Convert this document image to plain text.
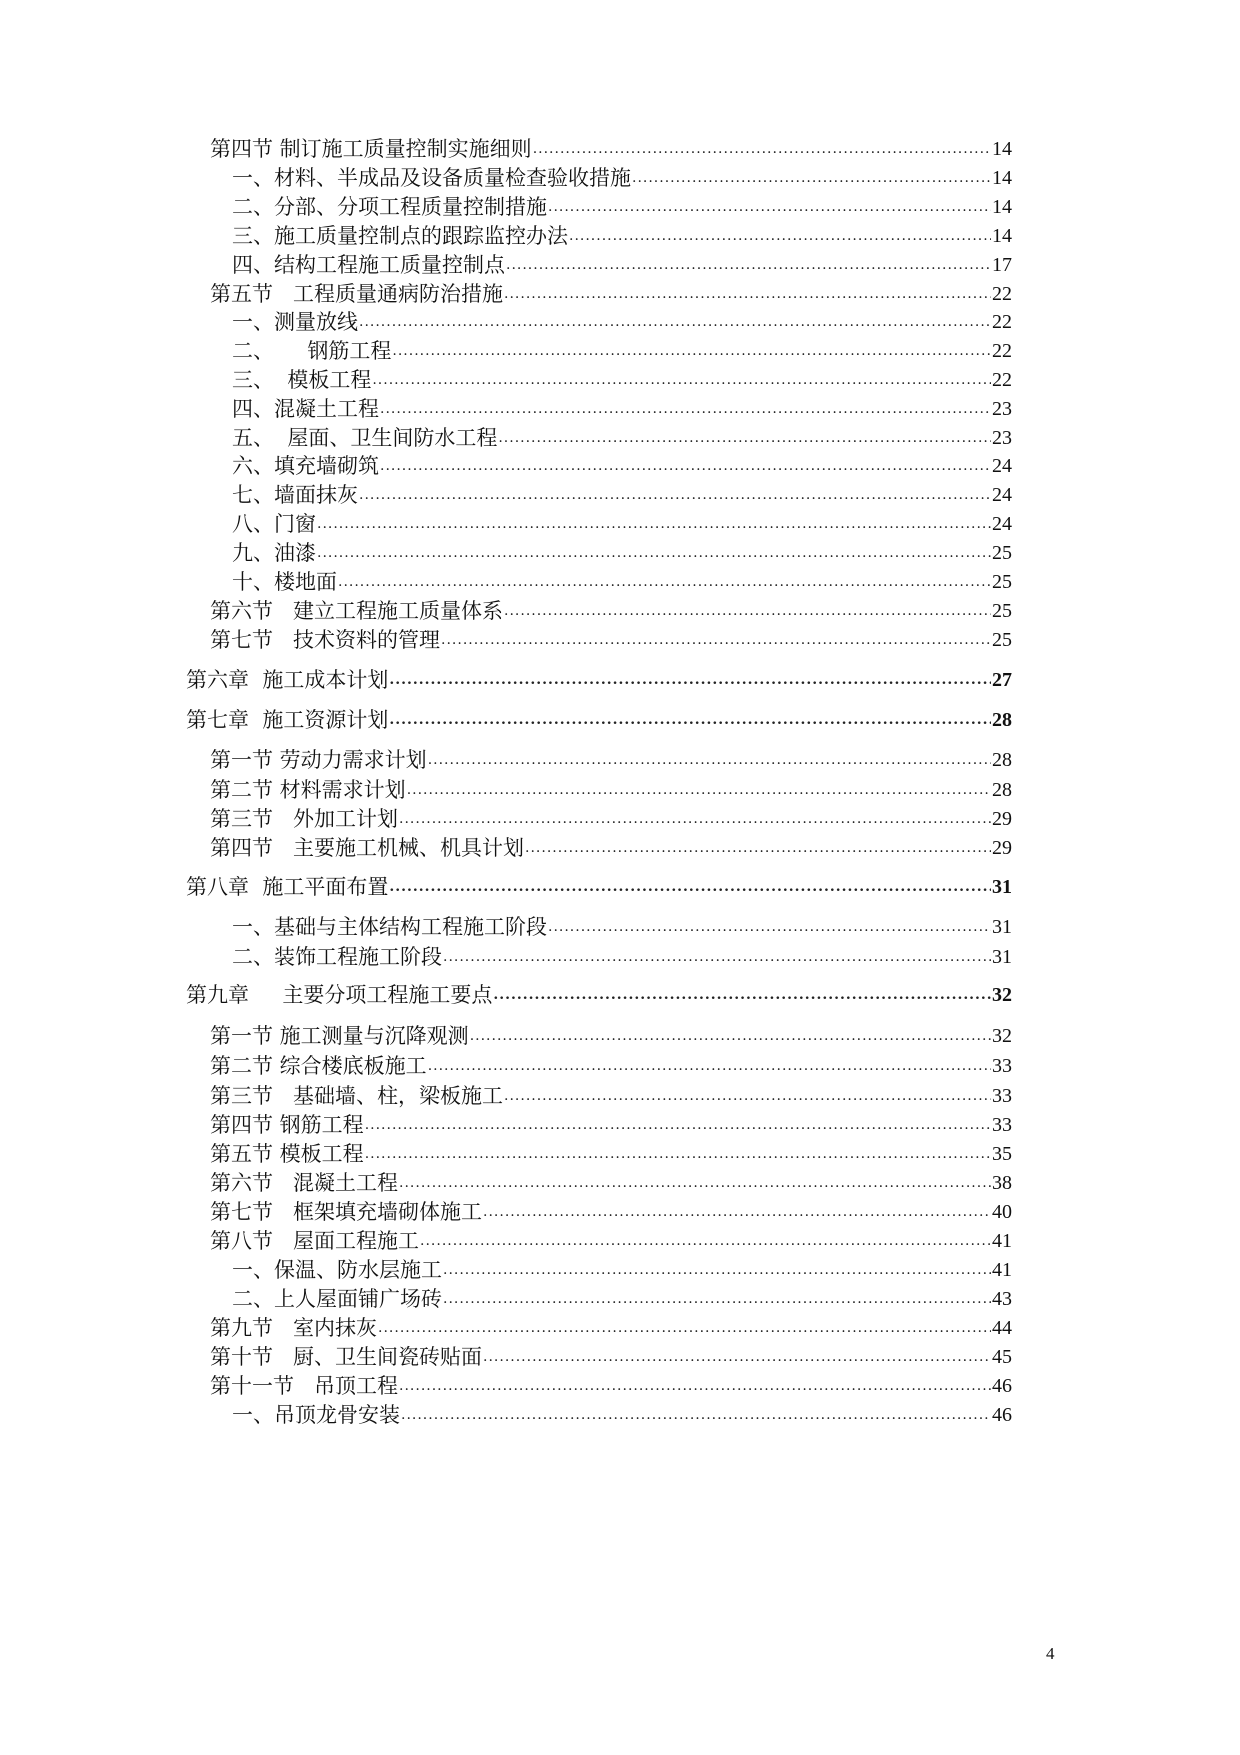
第四节 制订施工质量控制实施细则 .....	14
一、材料、半成品及设备质量检查验收措施 .....	14
二、分部、分项工程质量控制措施 .....	14
三、施工质量控制点的跟踪监控办法 .....	14
四、结构工程施工质量控制点 .....	17
第五节   工程质量通病防治措施 .....	22
一、测量放线 .....	22
二、     钢筋工程 .....	22
三、  模板工程 .....	22
四、混凝土工程 .....	23
五、  屋面、卫生间防水工程 .....	23
六、填充墙砌筑 .....	24
七、墙面抹灰 .....	24
八、门窗 .....	24
九、油漆 .....	25
十、楼地面 .....	25
第六节   建立工程施工质量体系 .....	25
第七节   技术资料的管理 .....	25
第六章  施工成本计划 .....	27
第七章  施工资源计划 .....	28
第一节 劳动力需求计划 .....	28
第二节 材料需求计划 .....	28
第三节   外加工计划 .....	29
第四节   主要施工机械、机具计划 .....	29
第八章  施工平面布置 .....	31
一、基础与主体结构工程施工阶段 .....	31
二、装饰工程施工阶段 .....	31
第九章     主要分项工程施工要点 .....	32
第一节 施工测量与沉降观测 .....	32
第二节 综合楼底板施工 .....	33
第三节   基础墙、柱，梁板施工 .....	33
第四节 钢筋工程 .....	33
第五节 模板工程 .....	35
第六节   混凝土工程 .....	38
第七节   框架填充墙砌体施工 .....	40
第八节   屋面工程施工 .....	41
一、保温、防水层施工 .....	41
二、上人屋面铺广场砖 .....	43
第九节   室内抹灰 .....	44
第十节   厨、卫生间瓷砖贴面 .....	45
第十一节   吊顶工程 .....	46
一、吊顶龙骨安装 .....	46
4
